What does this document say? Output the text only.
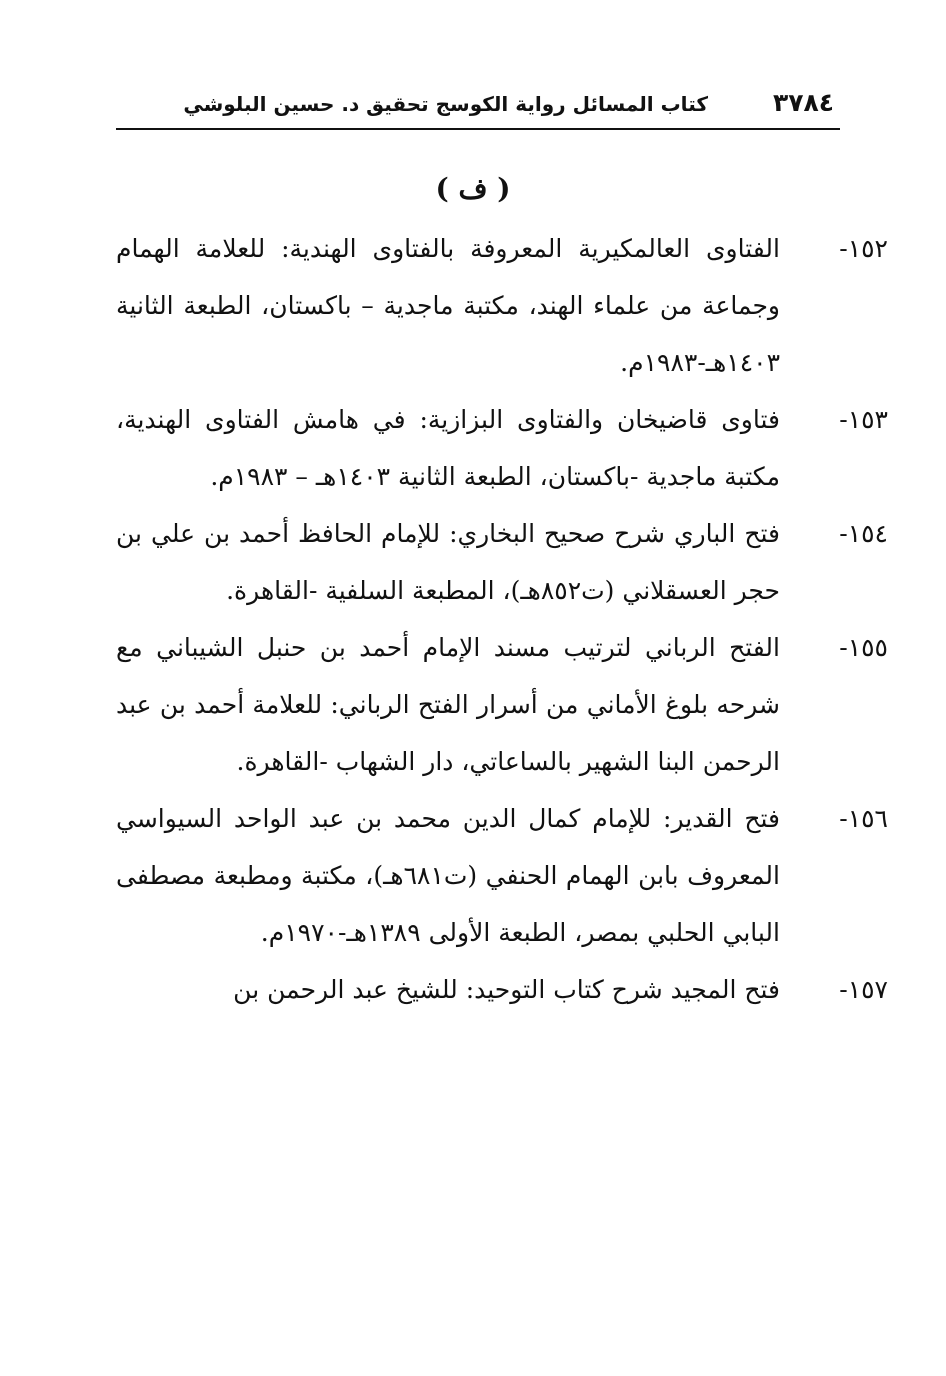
٣٧٨٤
كتاب المسائل رواية الكوسج تحقيق د. حسين البلوشي
( ف )
١٥٢-
الفتاوى العالمكيرية المعروفة بالفتاوى الهندية: للعلامة الهمام وجماعة من علماء الهند، مكتبة ماجدية – باكستان، الطبعة الثانية ١٤٠٣هـ-١٩٨٣م.
١٥٣-
فتاوى قاضيخان والفتاوى البزازية: في هامش الفتاوى الهندية، مكتبة ماجدية -باكستان، الطبعة الثانية ١٤٠٣هـ – ١٩٨٣م.
١٥٤-
فتح الباري شرح صحيح البخاري: للإمام الحافظ أحمد بن علي بن حجر العسقلاني (ت٨٥٢هـ)، المطبعة السلفية -القاهرة.
١٥٥-
الفتح الرباني لترتيب مسند الإمام أحمد بن حنبل الشيباني مع شرحه بلوغ الأماني من أسرار الفتح الرباني: للعلامة أحمد بن عبد الرحمن البنا الشهير بالساعاتي، دار الشهاب -القاهرة.
١٥٦-
فتح القدير: للإمام كمال الدين محمد بن عبد الواحد السيواسي المعروف بابن الهمام الحنفي (ت٦٨١هـ)، مكتبة ومطبعة مصطفى البابي الحلبي بمصر، الطبعة الأولى ١٣٨٩هـ-١٩٧٠م.
١٥٧-
فتح المجيد شرح كتاب التوحيد: للشيخ عبد الرحمن بن
